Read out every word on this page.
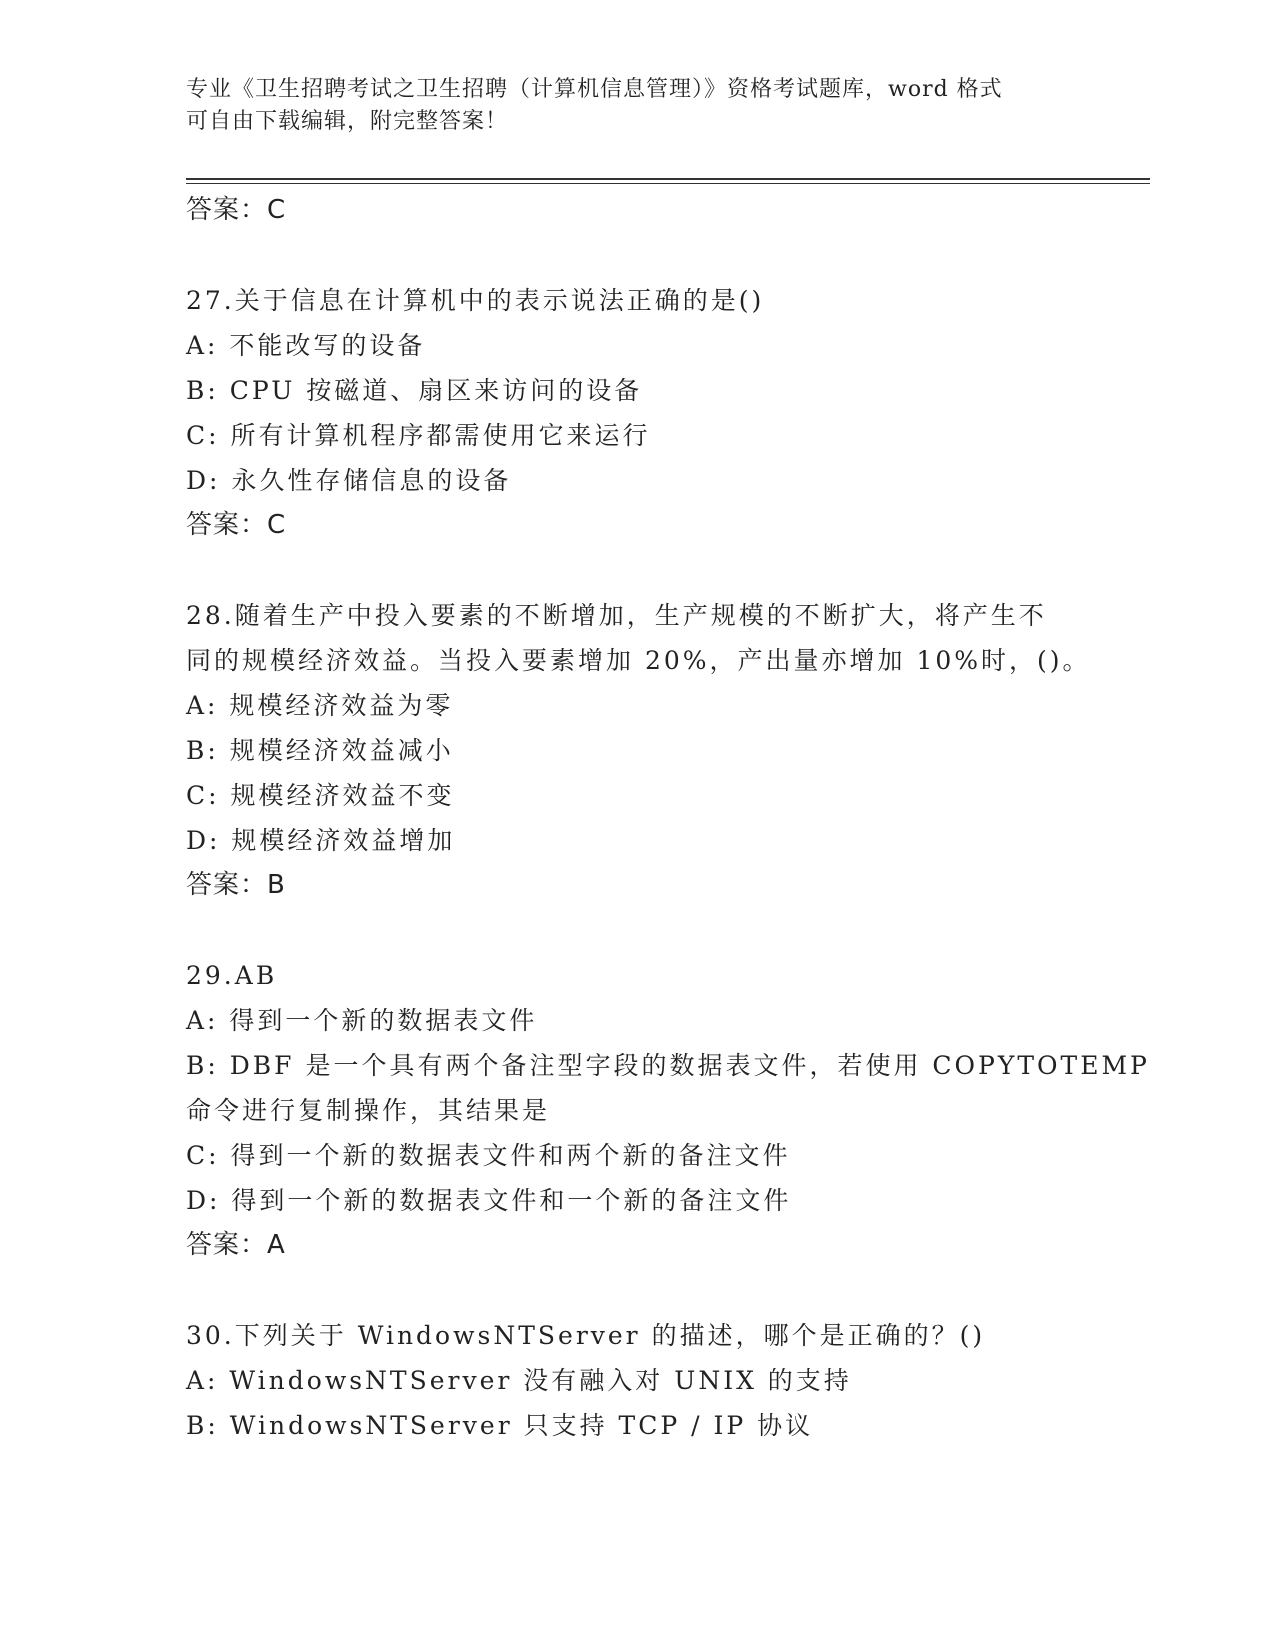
专业《卫生招聘考试之卫生招聘（计算机信息管理）》资格考试题库，word 格式
可自由下载编辑，附完整答案！
答案：C
27.关于信息在计算机中的表示说法正确的是()
A: 不能改写的设备
B: CPU 按磁道、扇区来访问的设备
C: 所有计算机程序都需使用它来运行
D: 永久性存储信息的设备
答案：C
28.随着生产中投入要素的不断增加，生产规模的不断扩大，将产生不
同的规模经济效益。当投入要素增加 20%，产出量亦增加 10%时，()。
A: 规模经济效益为零
B: 规模经济效益减小
C: 规模经济效益不变
D: 规模经济效益增加
答案：B
29.AB
A: 得到一个新的数据表文件
B: DBF 是一个具有两个备注型字段的数据表文件，若使用 COPYTOTEMP
命令进行复制操作，其结果是
C: 得到一个新的数据表文件和两个新的备注文件
D: 得到一个新的数据表文件和一个新的备注文件
答案：A
30.下列关于 WindowsNTServer 的描述，哪个是正确的？()
A: WindowsNTServer 没有融入对 UNIX 的支持
B: WindowsNTServer 只支持 TCP / IP 协议
